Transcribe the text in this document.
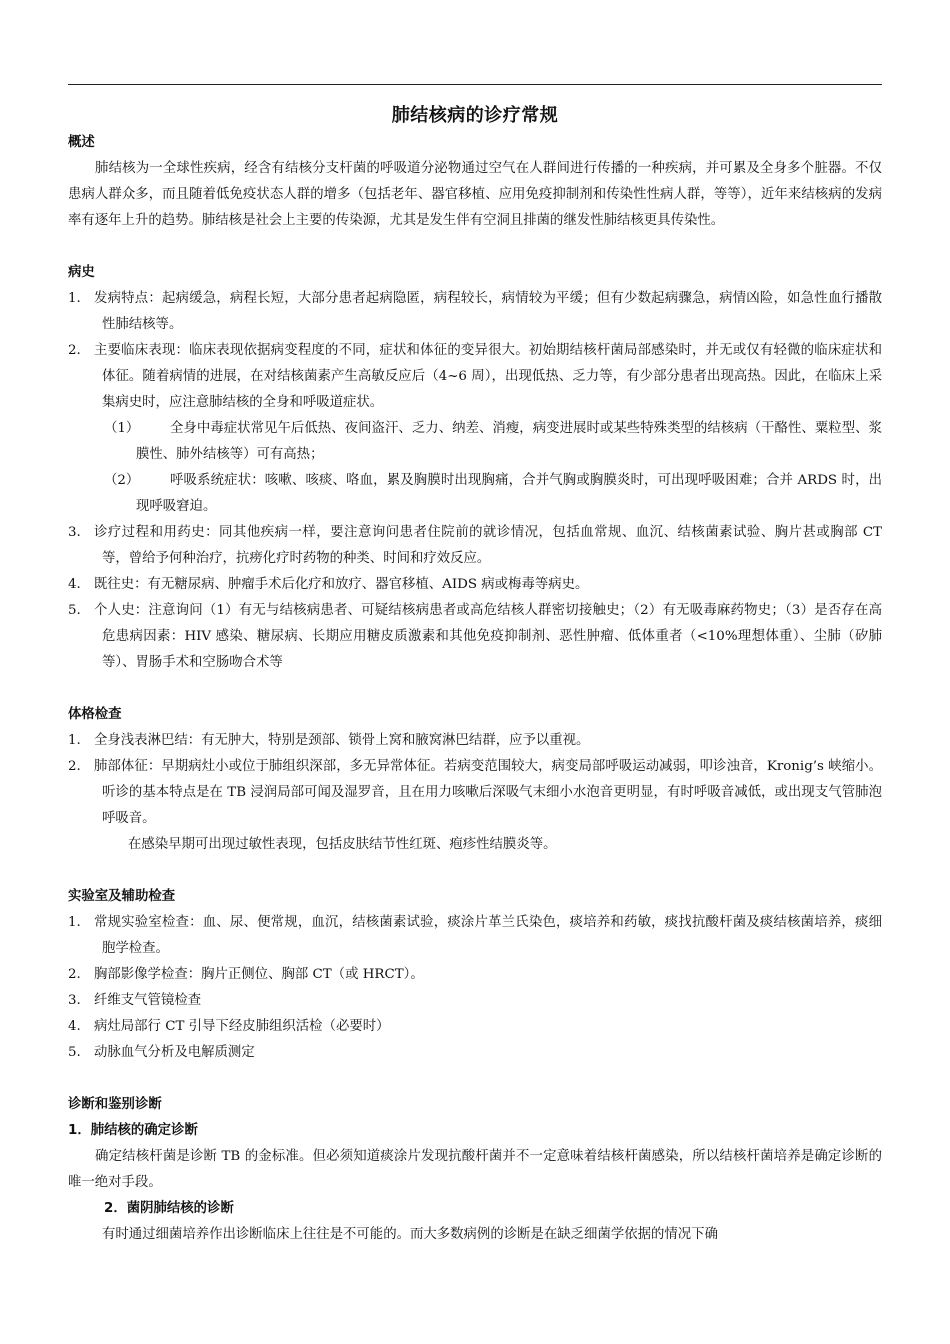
肺结核病的诊疗常规
概述

肺结核为一全球性疾病，经含有结核分支杆菌的呼吸道分泌物通过空气在人群间进行传播的一种疾病，并可累及全身多个脏器。不仅患病人群众多，而且随着低免疫状态人群的增多（包括老年、器官移植、应用免疫抑制剂和传染性性病人群，等等），近年来结核病的发病率有逐年上升的趋势。肺结核是社会上主要的传染源，尤其是发生伴有空洞且排菌的继发性肺结核更具传染性。

病史
1. 发病特点：起病缓急，病程长短，大部分患者起病隐匿，病程较长，病情较为平缓；但有少数起病骤急，病情凶险，如急性血行播散性肺结核等。
2. 主要临床表现：临床表现依据病变程度的不同，症状和体征的变异很大。初始期结核杆菌局部感染时，并无或仅有轻微的临床症状和体征。随着病情的进展，在对结核菌素产生高敏反应后（4~6 周），出现低热、乏力等，有少部分患者出现高热。因此，在临床上采集病史时，应注意肺结核的全身和呼吸道症状。
（1）	全身中毒症状常见午后低热、夜间盗汗、乏力、纳差、消瘦，病变进展时或某些特殊类型的结核病（干酪性、粟粒型、浆膜性、肺外结核等）可有高热；
（2）	呼吸系统症状：咳嗽、咳痰、咯血，累及胸膜时出现胸痛，合并气胸或胸膜炎时，可出现呼吸困难；合并 ARDS 时，出现呼吸窘迫。
3. 诊疗过程和用药史：同其他疾病一样，要注意询问患者住院前的就诊情况，包括血常规、血沉、结核菌素试验、胸片甚或胸部 CT 等，曾给予何种治疗，抗痨化疗时药物的种类、时间和疗效反应。
4. 既往史：有无糖尿病、肿瘤手术后化疗和放疗、器官移植、AIDS 病或梅毒等病史。
5. 个人史：注意询问（1）有无与结核病患者、可疑结核病患者或高危结核人群密切接触史；（2）有无吸毒麻药物史；（3）是否存在高危患病因素：HIV 感染、糖尿病、长期应用糖皮质激素和其他免疫抑制剂、恶性肿瘤、低体重者（<10%理想体重）、尘肺（矽肺等）、胃肠手术和空肠吻合术等
体格检查
1. 全身浅表淋巴结：有无肿大，特别是颈部、锁骨上窝和腋窝淋巴结群，应予以重视。
2. 肺部体征：早期病灶小或位于肺组织深部，多无异常体征。若病变范围较大，病变局部呼吸运动减弱，叩诊浊音，Kronig’s 峡缩小。听诊的基本特点是在 TB 浸润局部可闻及湿罗音，且在用力咳嗽后深吸气末细小水泡音更明显，有时呼吸音减低，或出现支气管肺泡呼吸音。
在感染早期可出现过敏性表现，包括皮肤结节性红斑、疱疹性结膜炎等。
实验室及辅助检查
1. 常规实验室检查：血、尿、便常规，血沉，结核菌素试验，痰涂片革兰氏染色，痰培养和药敏，痰找抗酸杆菌及痰结核菌培养，痰细胞学检查。
2. 胸部影像学检查：胸片正侧位、胸部 CT（或 HRCT）。
3. 纤维支气管镜检查
4. 病灶局部行 CT 引导下经皮肺组织活检（必要时）
5. 动脉血气分析及电解质测定
诊断和鉴别诊断
1．肺结核的确定诊断

确定结核杆菌是诊断 TB 的金标准。但必须知道痰涂片发现抗酸杆菌并不一定意味着结核杆菌感染，所以结核杆菌培养是确定诊断的唯一绝对手段。

2．菌阴肺结核的诊断
有时通过细菌培养作出诊断临床上往往是不可能的。而大多数病例的诊断是在缺乏细菌学依据的情况下确
